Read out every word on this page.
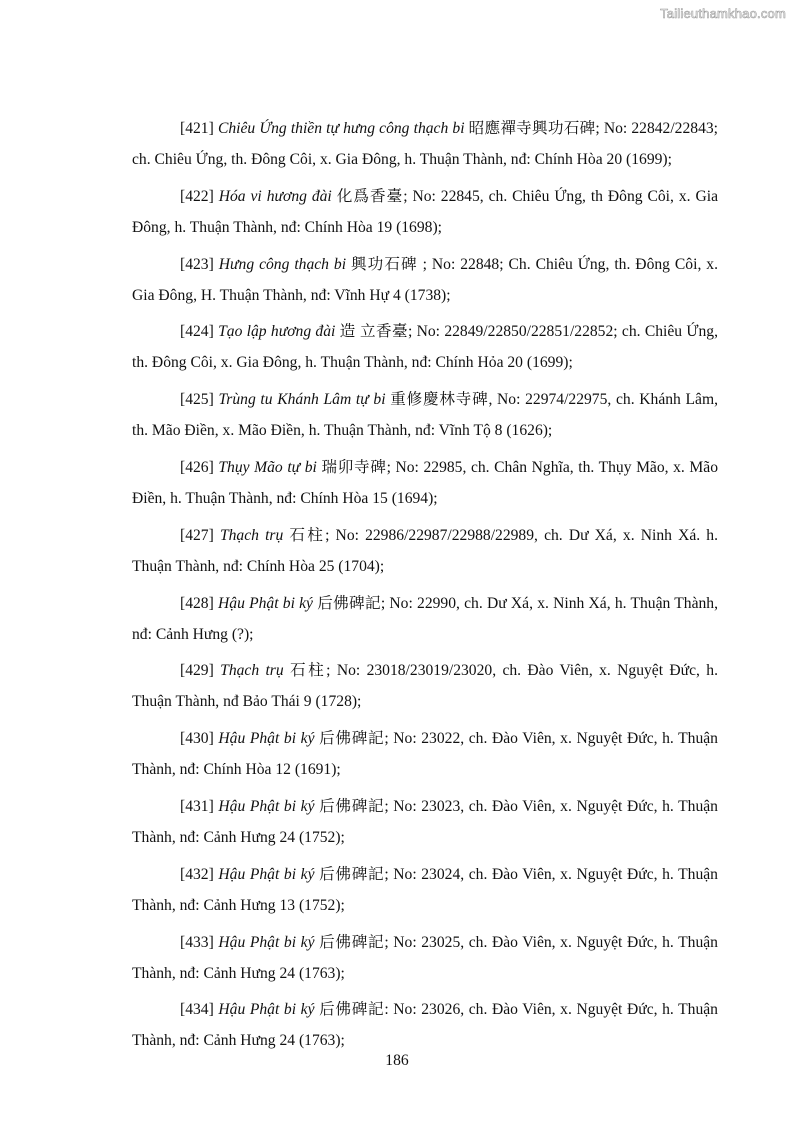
Tailieuthamkhao.com

[421] Chiêu Ứng thiền tự hưng công thạch bi 昭應禪寺興功石碑; No: 22842/22843; ch. Chiêu Ứng, th. Đông Côi, x. Gia Đông, h. Thuận Thành, nđ: Chính Hòa 20 (1699);

[422] Hóa vi hương đài 化爲香臺; No: 22845, ch. Chiêu Ứng, th Đông Côi, x. Gia Đông, h. Thuận Thành, nđ: Chính Hòa 19 (1698);

[423] Hưng công thạch bi 興功石碑 ; No: 22848; Ch. Chiêu Ứng, th. Đông Côi, x. Gia Đông, H. Thuận Thành, nđ: Vĩnh Hự 4 (1738);

[424] Tạo lập hương đài 造 立香臺; No: 22849/22850/22851/22852; ch. Chiêu Ứng, th. Đông Côi, x. Gia Đông, h. Thuận Thành, nđ: Chính Hỏa 20 (1699);

[425] Trùng tu Khánh Lâm tự bi 重修慶林寺碑, No: 22974/22975, ch. Khánh Lâm, th. Mão Điền, x. Mão Điền, h. Thuận Thành, nđ: Vĩnh Tộ 8 (1626);

[426] Thụy Mão tự bi 瑞卯寺碑; No: 22985, ch. Chân Nghĩa, th. Thụy Mão, x. Mão Điền, h. Thuận Thành, nđ: Chính Hòa 15 (1694);

[427] Thạch trụ 石柱; No: 22986/22987/22988/22989, ch. Dư Xá, x. Ninh Xá. h. Thuận Thành, nđ: Chính Hòa 25 (1704);

[428] Hậu Phật bi ký 后佛碑記; No: 22990, ch. Dư Xá, x. Ninh Xá, h. Thuận Thành, nđ: Cảnh Hưng (?);

[429] Thạch trụ 石柱; No: 23018/23019/23020, ch. Đào Viên, x. Nguyệt Đức, h. Thuận Thành, nđ Bảo Thái 9 (1728);

[430] Hậu Phật bi ký 后佛碑記; No: 23022, ch. Đào Viên, x. Nguyệt Đức, h. Thuận Thành, nđ: Chính Hòa 12 (1691);

[431] Hậu Phật bi ký 后佛碑記; No: 23023, ch. Đào Viên, x. Nguyệt Đức, h. Thuận Thành, nđ: Cảnh Hưng 24 (1752);

[432] Hậu Phật bi ký 后佛碑記; No: 23024, ch. Đào Viên, x. Nguyệt Đức, h. Thuận Thành, nđ: Cảnh Hưng 13 (1752);

[433] Hậu Phật bi ký 后佛碑記; No: 23025, ch. Đào Viên, x. Nguyệt Đức, h. Thuận Thành, nđ: Cảnh Hưng 24 (1763);

[434] Hậu Phật bi ký 后佛碑記: No: 23026, ch. Đào Viên, x. Nguyệt Đức, h. Thuận Thành, nđ: Cảnh Hưng 24 (1763);

186
